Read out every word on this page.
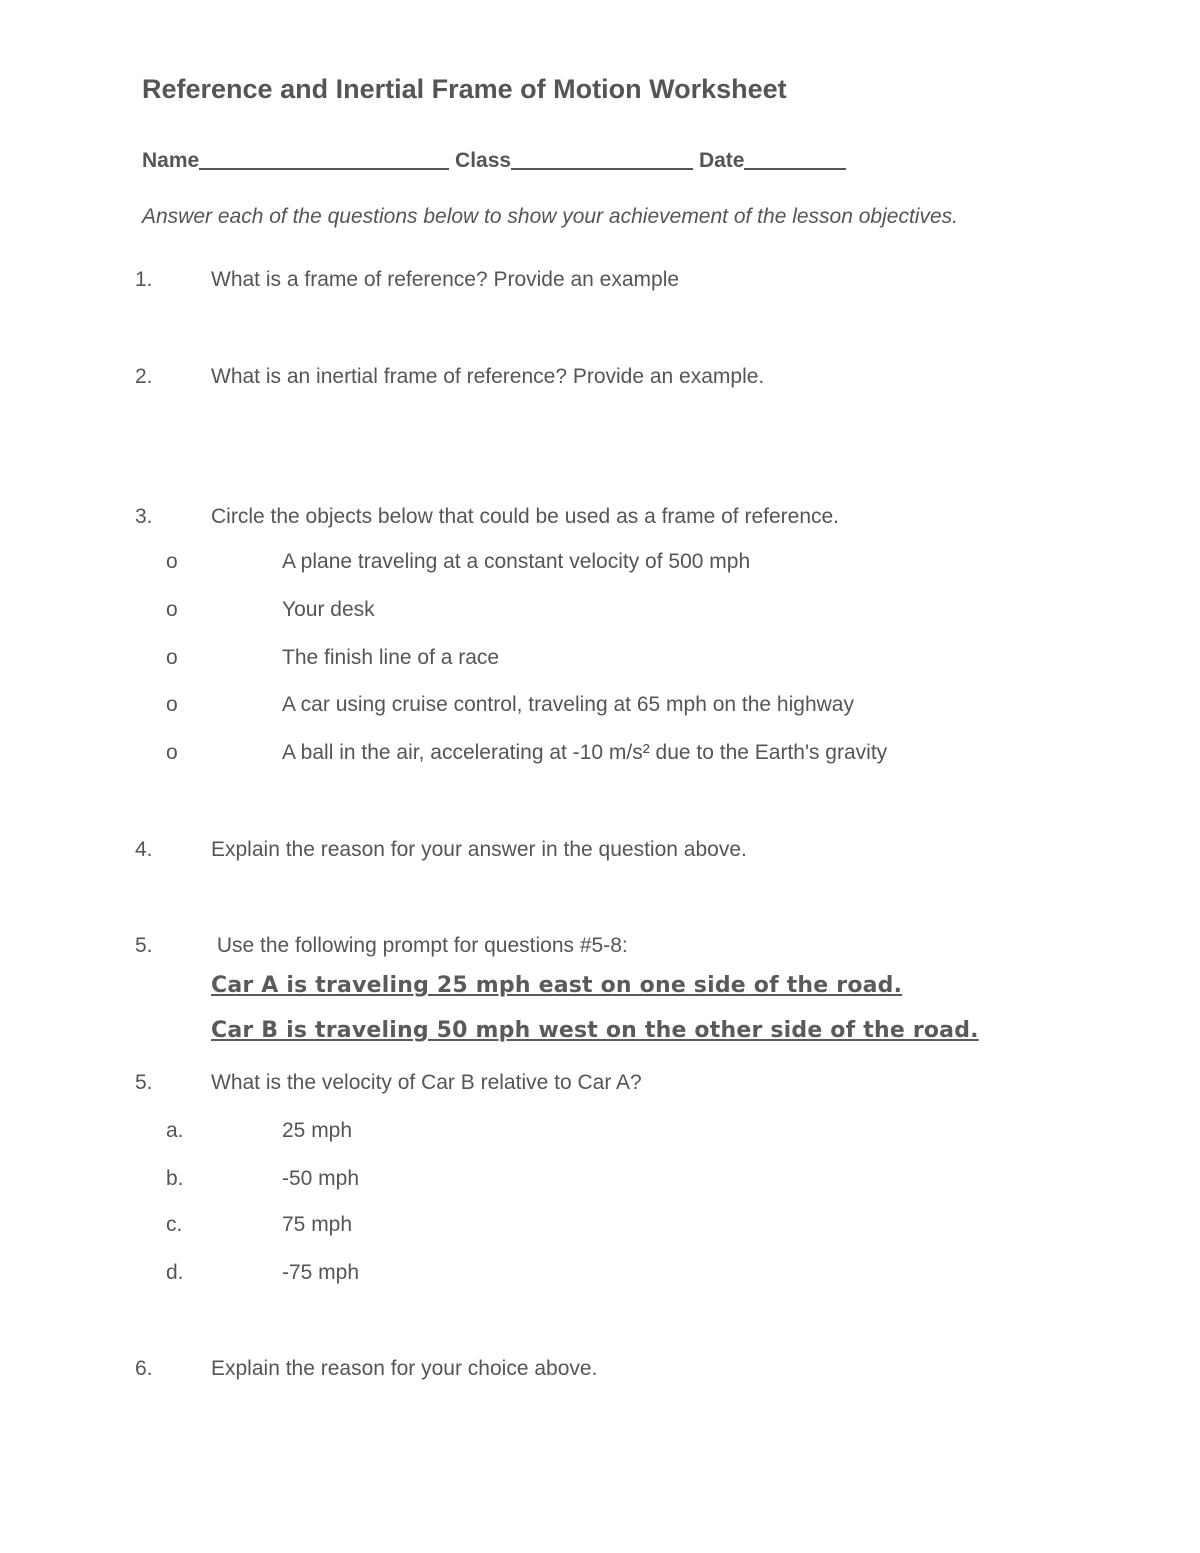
Reference and Inertial Frame of Motion Worksheet
Name	Class	Date
Answer each of the questions below to show your achievement of the lesson objectives.
1.	What is a frame of reference? Provide an example
2.	What is an inertial frame of reference? Provide an example.
3.	Circle the objects below that could be used as a frame of reference.
o	A plane traveling at a constant velocity of 500 mph
o	Your desk
o	The finish line of a race
o	A car using cruise control, traveling at 65 mph on the highway
o	A ball in the air, accelerating at -10 m/s² due to the Earth's gravity
4.	Explain the reason for your answer in the question above.
5.	Use the following prompt for questions #5-8:
Car A is traveling 25 mph east on one side of the road.
Car B is traveling 50 mph west on the other side of the road.
5.	What is the velocity of Car B relative to Car A?
a.	25 mph
b.	-50 mph
c.	75 mph
d.	-75 mph
6.	Explain the reason for your choice above.
